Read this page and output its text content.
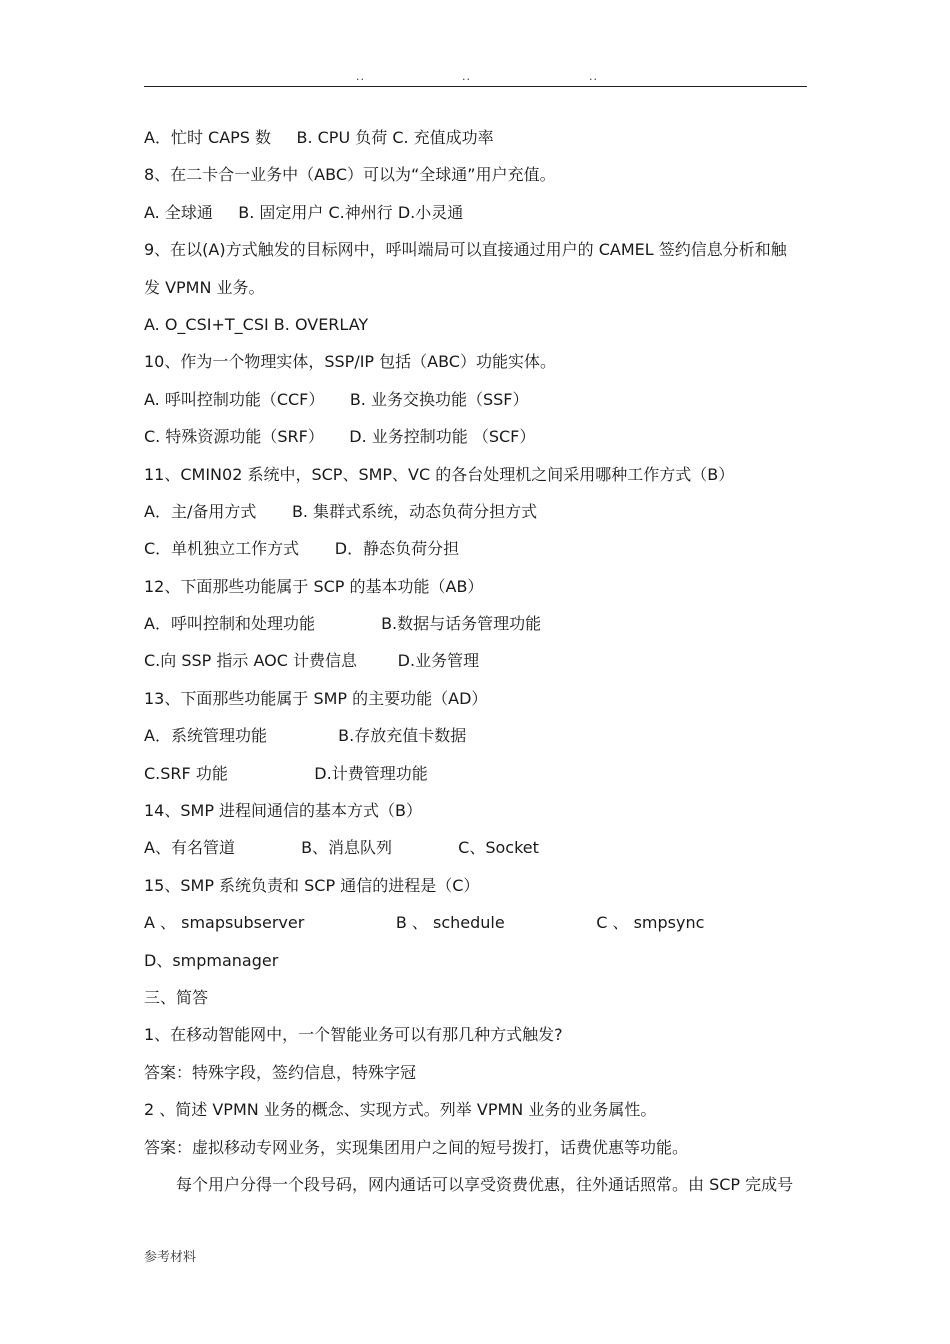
..	..	..
A．忙时 CAPS 数     B. CPU 负荷 C. 充值成功率
8、在二卡合一业务中（ABC）可以为“全球通”用户充值。
A. 全球通     B. 固定用户 C.神州行 D.小灵通
9、在以(A)方式触发的目标网中，呼叫端局可以直接通过用户的 CAMEL 签约信息分析和触
发 VPMN 业务。
A. O_CSI+T_CSI B. OVERLAY
10、作为一个物理实体，SSP/IP 包括（ABC）功能实体。
A. 呼叫控制功能（CCF）     B. 业务交换功能（SSF）
C. 特殊资源功能（SRF）     D. 业务控制功能 （SCF）
11、CMIN02 系统中，SCP、SMP、VC 的各台处理机之间采用哪种工作方式（B）
A．主/备用方式       B. 集群式系统，动态负荷分担方式
C．单机独立工作方式       D．静态负荷分担
12、下面那些功能属于 SCP 的基本功能（AB）
A．呼叫控制和处理功能             B.数据与话务管理功能
C.向 SSP 指示 AOC 计费信息        D.业务管理
13、下面那些功能属于 SMP 的主要功能（AD）
A．系统管理功能              B.存放充值卡数据
C.SRF 功能                 D.计费管理功能
14、SMP 进程间通信的基本方式（B）
A、有名管道             B、消息队列             C、Socket
15、SMP 系统负责和 SCP 通信的进程是（C）
A 、 smapsubserver                  B 、 schedule                  C 、 smpsync
D、smpmanager
三、简答
1、在移动智能网中，一个智能业务可以有那几种方式触发?
答案：特殊字段，签约信息，特殊字冠
2 、简述 VPMN 业务的概念、实现方式。列举 VPMN 业务的业务属性。
答案：虚拟移动专网业务，实现集团用户之间的短号拨打，话费优惠等功能。
每个用户分得一个段号码，网内通话可以享受资费优惠，往外通话照常。由 SCP 完成号
参考材料
